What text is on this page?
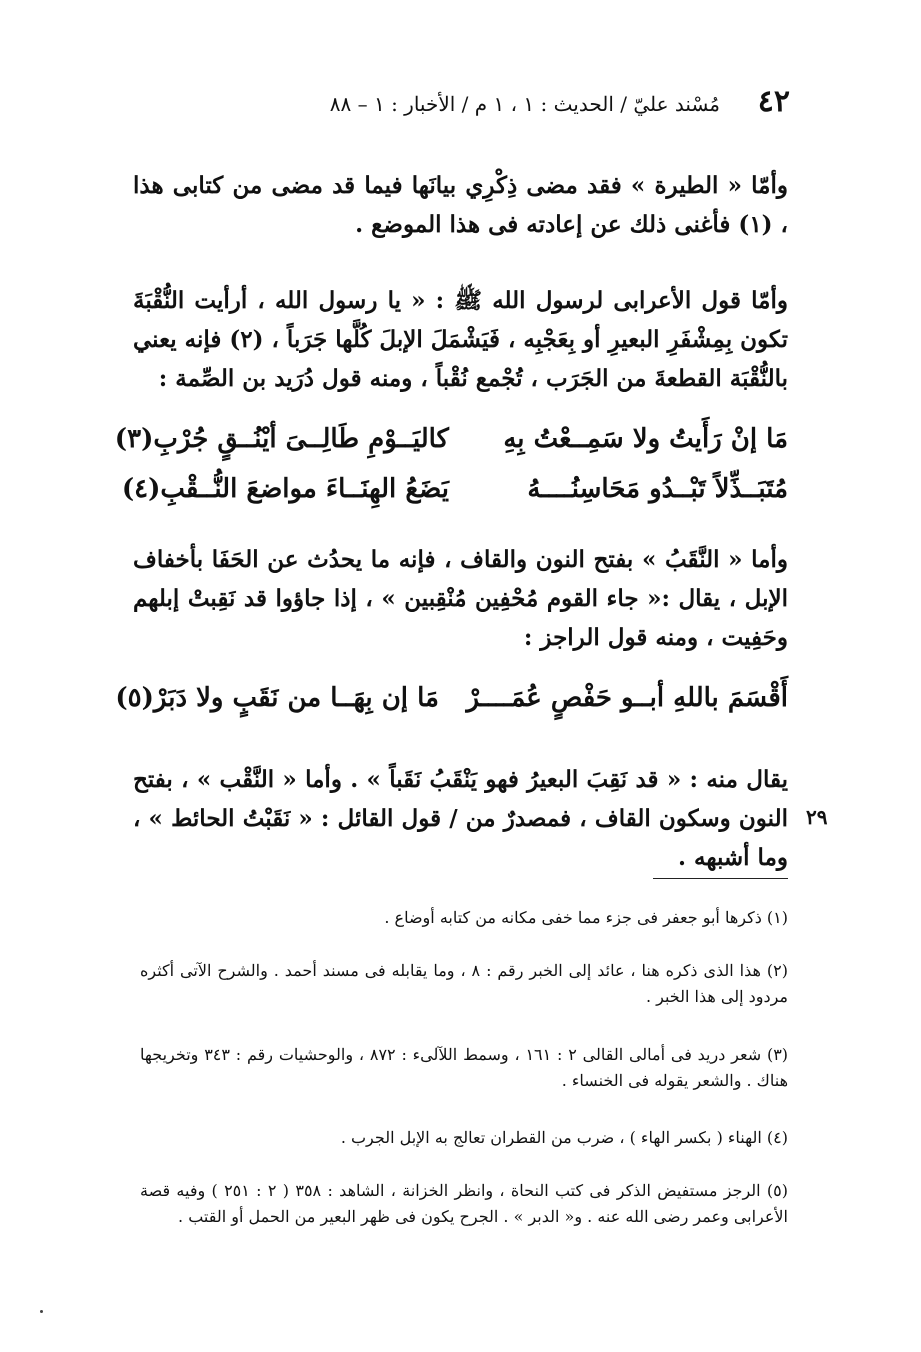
٤٢
مُسْند عليّ / الحديث : ١ ، ١ م / الأخبار : ١ – ٨٨
وأمّا « الطيرة » فقد مضى ذِكْرِي بيانَها فيما قد مضى من كتابى هذا ، (١) فأغنى ذلك عن إعادته فى هذا الموضع .
وأمّا قول الأعرابى لرسول الله ﷺ : « يا رسول الله ، أرأيت النُّقْبَةَ تكون بِمِشْفَرِ البعيرِ أو بِعَجْبِه ، فَيَشْمَلَ الإبلَ كُلَّها جَرَباً ، (٢) فإنه يعني بالنُّقْبَة القطعةَ من الجَرَب ، تُجْمع نُقْباً ، ومنه قول دُرَيد بن الصِّمة :
مَا إنْ رَأَيتُ ولا سَمِــعْتُ بِهِ كاليَــوْمِ طَالِــىَ أيْنُــقٍ جُرْبِ(٣)
مُتَبَــذِّلاً تَبْــدُو مَحَاسِنُــــهُ يَضَعُ الهِنَــاءَ مواضعَ النُّــقْبِ(٤)
وأما « النَّقَبُ » بفتح النون والقاف ، فإنه ما يحدُث عن الحَفَا بأخفاف الإبل ، يقال :« جاء القوم مُحْفِين مُنْقِبين » ، إذا جاؤوا قد نَقِبتْ إبلهم وحَفِيت ، ومنه قول الراجز :
أَقْسَمَ باللهِ أبــو حَفْصٍ عُمَــــرْ مَا إن بِهَــا من نَقَبٍ ولا دَبَرْ(٥)
يقال منه : « قد نَقِبَ البعيرُ فهو يَنْقَبُ نَقَباً » . وأما « النَّقْب » ، بفتح النون وسكون القاف ، فمصدرٌ من / قول القائل : « نَقَبْتُ الحائط » ، وما أشبهه .
٢٩
(١) ذكرها أبو جعفر فى جزء مما خفى مكانه من كتابه أوضاع .
(٢) هذا الذى ذكره هنا ، عائد إلى الخبر رقم : ٨ ، وما يقابله فى مسند أحمد . والشرح الآتى أكثره مردود إلى هذا الخبر .
(٣) شعر دريد فى أمالى القالى ٢ : ١٦١ ، وسمط اللآلىء : ٨٧٢ ، والوحشيات رقم : ٣٤٣ وتخريجها هناك . والشعر يقوله فى الخنساء .
(٤) الهناء ( بكسر الهاء ) ، ضرب من القطران تعالج به الإبل الجرب .
(٥) الرجز مستفيض الذكر فى كتب النحاة ، وانظر الخزانة ، الشاهد : ٣٥٨ ( ٢ : ٢٥١ ) وفيه قصة الأعرابى وعمر رضى الله عنه . و« الدبر » . الجرح يكون فى ظهر البعير من الحمل أو القتب .
